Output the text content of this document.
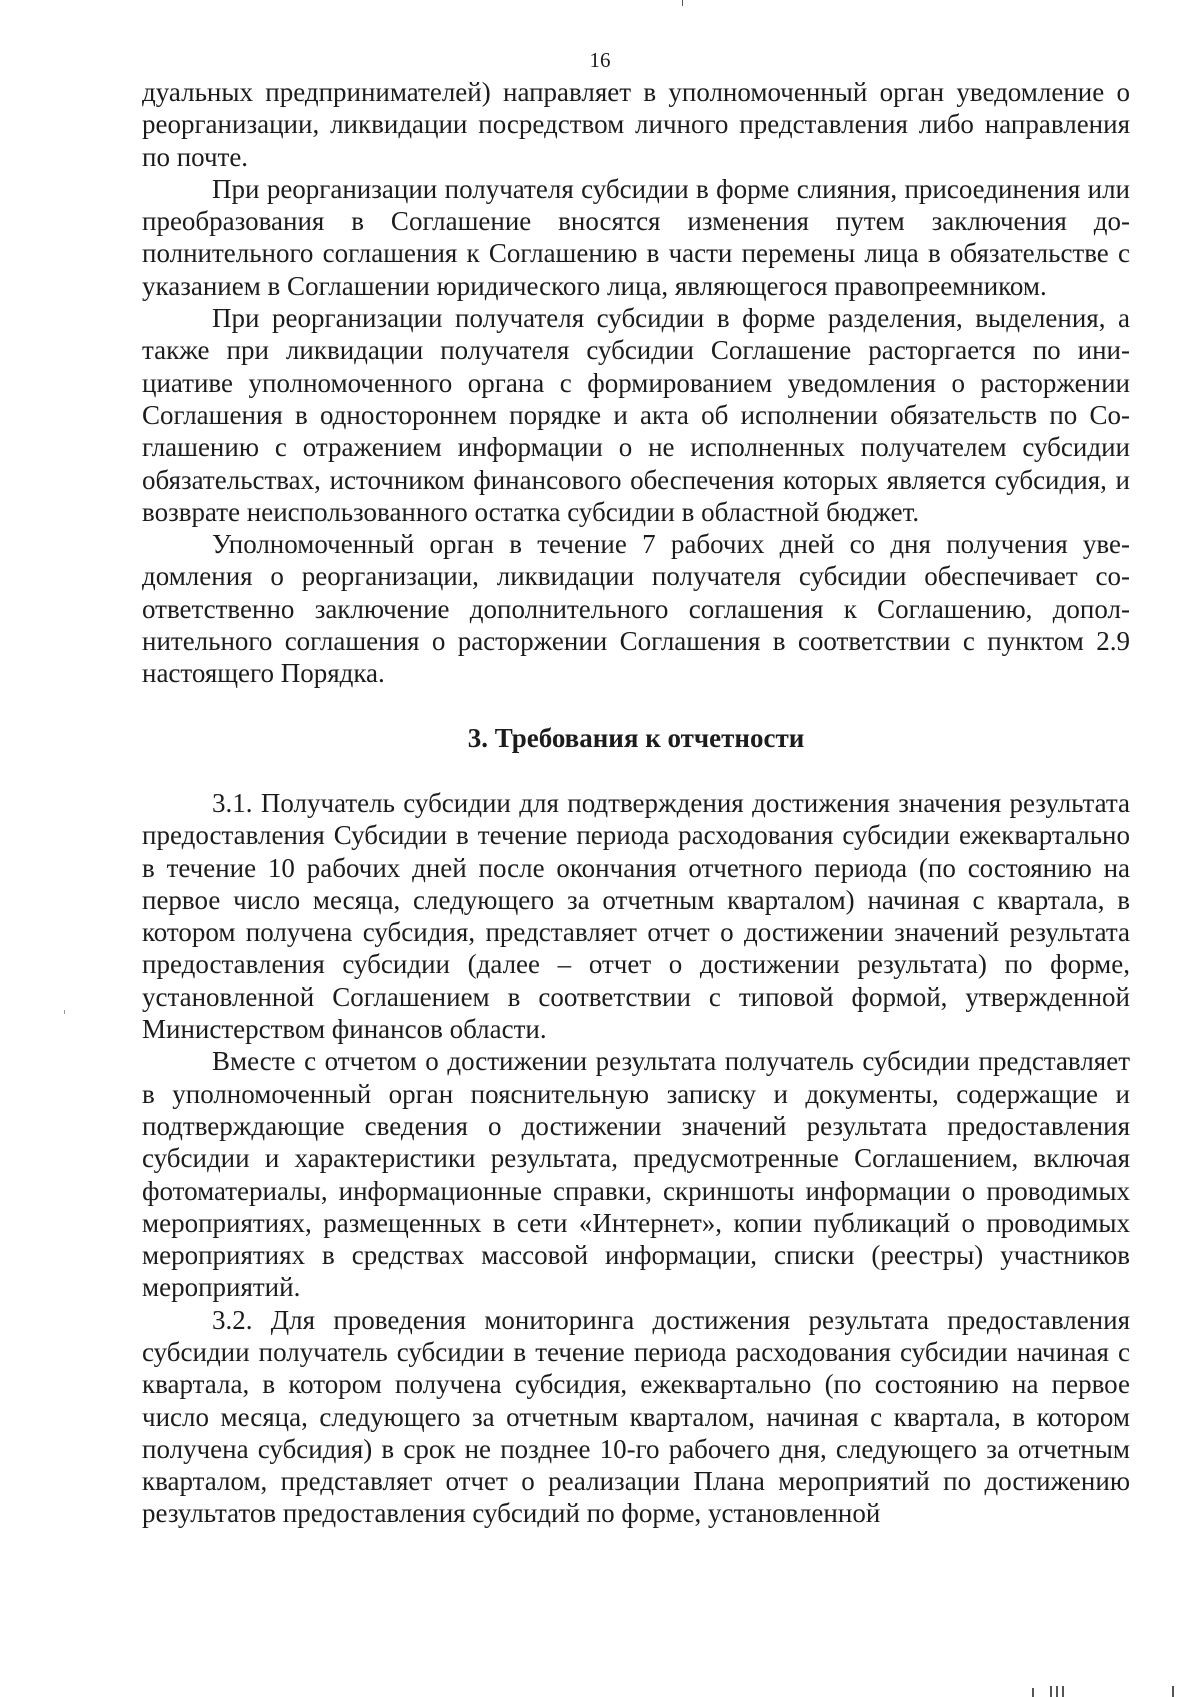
16

дуальных предпринимателей) направляет в уполномоченный орган уведомление о реорганизации, ликвидации посредством личного представления либо направления по почте.

При реорганизации получателя субсидии в форме слияния, присоединения или преобразования в Соглашение вносятся изменения путем заключения дополнительного соглашения к Соглашению в части перемены лица в обязательстве с указанием в Соглашении юридического лица, являющегося правопреемником.

При реорганизации получателя субсидии в форме разделения, выделения, а также при ликвидации получателя субсидии Соглашение расторгается по инициативе уполномоченного органа с формированием уведомления о расторжении Соглашения в одностороннем порядке и акта об исполнении обязательств по Соглашению с отражением информации о не исполненных получателем субсидии обязательствах, источником финансового обеспечения которых является субсидия, и возврате неиспользованного остатка субсидии в областной бюджет.

Уполномоченный орган в течение 7 рабочих дней со дня получения уведомления о реорганизации, ликвидации получателя субсидии обеспечивает соответственно заключение дополнительного соглашения к Соглашению, дополнительного соглашения о расторжении Соглашения в соответствии с пунктом 2.9 настоящего Порядка.

3. Требования к отчетности

3.1. Получатель субсидии для подтверждения достижения значения результата предоставления Субсидии в течение периода расходования субсидии ежеквартально в течение 10 рабочих дней после окончания отчетного периода (по состоянию на первое число месяца, следующего за отчетным кварталом) начиная с квартала, в котором получена субсидия, представляет отчет о достижении значений результата предоставления субсидии (далее – отчет о достижении результата) по форме, установленной Соглашением в соответствии с типовой формой, утвержденной Министерством финансов области.

Вместе с отчетом о достижении результата получатель субсидии представляет в уполномоченный орган пояснительную записку и документы, содержащие и подтверждающие сведения о достижении значений результата предоставления субсидии и характеристики результата, предусмотренные Соглашением, включая фотоматериалы, информационные справки, скриншоты информации о проводимых мероприятиях, размещенных в сети «Интернет», копии публикаций о проводимых мероприятиях в средствах массовой информации, списки (реестры) участников мероприятий.

3.2. Для проведения мониторинга достижения результата предоставления субсидии получатель субсидии в течение периода расходования субсидии начиная с квартала, в котором получена субсидия, ежеквартально (по состоянию на первое число месяца, следующего за отчетным кварталом, начиная с квартала, в котором получена субсидия) в срок не позднее 10-го рабочего дня, следующего за отчетным кварталом, представляет отчет о реализации Плана мероприятий по достижению результатов предоставления субсидий по форме, установленной
